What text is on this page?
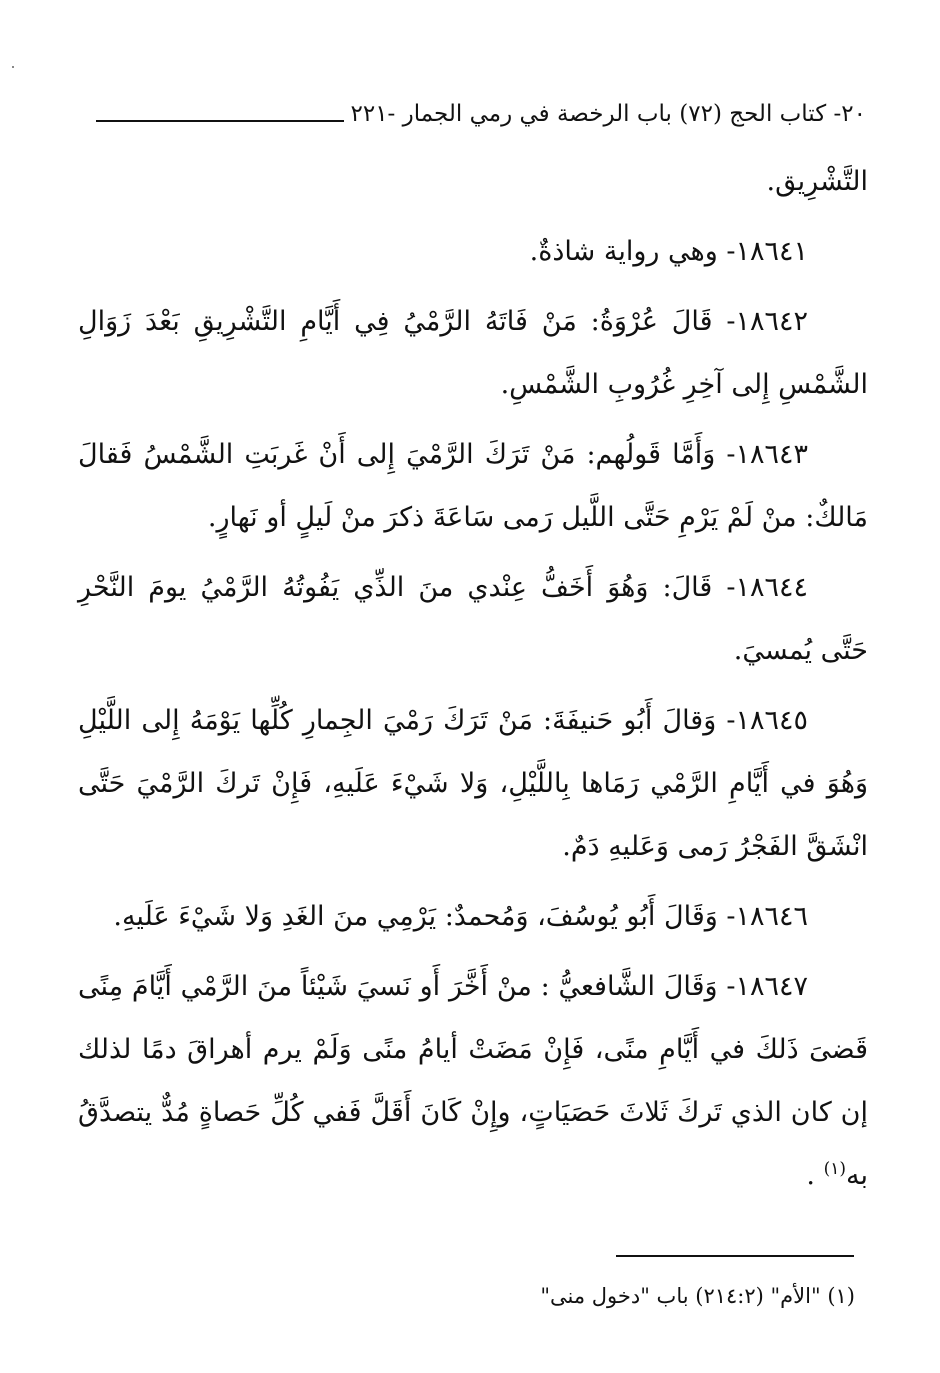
٢٠- كتاب الحج (٧٢) باب الرخصة في رمي الجمار -٢٢١

التَّشْرِيق.

١٨٦٤١- وهي رواية شاذةٌ.

١٨٦٤٢- قَالَ عُرْوَةُ: مَنْ فَاتَهُ الرَّمْيُ فِي أَيَّامِ التَّشْرِيقِ بَعْدَ زَوَالِ الشَّمْسِ إِلى آخِرِ غُرُوبِ الشَّمْسِ.

١٨٦٤٣- وَأَمَّا قَولُهم: مَنْ تَرَكَ الرَّمْيَ إِلى أَنْ غَربَتِ الشَّمْسُ فَقالَ مَالكٌ: منْ لَمْ يَرْمِ حَتَّى اللَّيل رَمى سَاعَةَ ذكرَ منْ لَيلٍ أو نَهارٍ.

١٨٦٤٤- قَالَ: وَهُوَ أَخَفُّ عِنْدي منَ الذِّي يَفُوتُهُ الرَّمْيُ يومَ النَّحْرِ حَتَّى يُمسيَ.

١٨٦٤٥- وَقالَ أَبُو حَنيفَةَ: مَنْ تَرَكَ رَمْيَ الجِمارِ كُلِّها يَوْمَهُ إِلى اللَّيْلِ وَهُوَ في أَيَّامِ الرَّمْي رَمَاها بِاللَّيْلِ، وَلا شَيْءَ عَلَيهِ، فَإِنْ تَركَ الرَّمْيَ حَتَّى انْشَقَّ الفَجْرُ رَمى وَعَليهِ دَمٌ.

١٨٦٤٦- وَقَالَ أَبُو يُوسُفَ، وَمُحمدٌ: يَرْمِي منَ الغَدِ وَلا شَيْءَ عَلَيهِ.

١٨٦٤٧- وَقَالَ الشَّافعيُّ : منْ أَخَّرَ أَو نَسيَ شَيْئاً منَ الرَّمْي أَيَّامَ مِنًى قَضىَ ذَلكَ في أَيَّامِ منًى، فَإِنْ مَضَتْ أيامُ منًى وَلَمْ يرم أهراقَ دمًا لذلك إن كان الذي تَركَ ثَلاثَ حَصَيَاتٍ، وإِنْ كَانَ أَقَلَّ فَفي كُلِّ حَصاةٍ مُدٌّ يتصدَّقُ به$^{(١)}$ .

(١) "الأم" (٢١٤:٢) باب "دخول منى"
